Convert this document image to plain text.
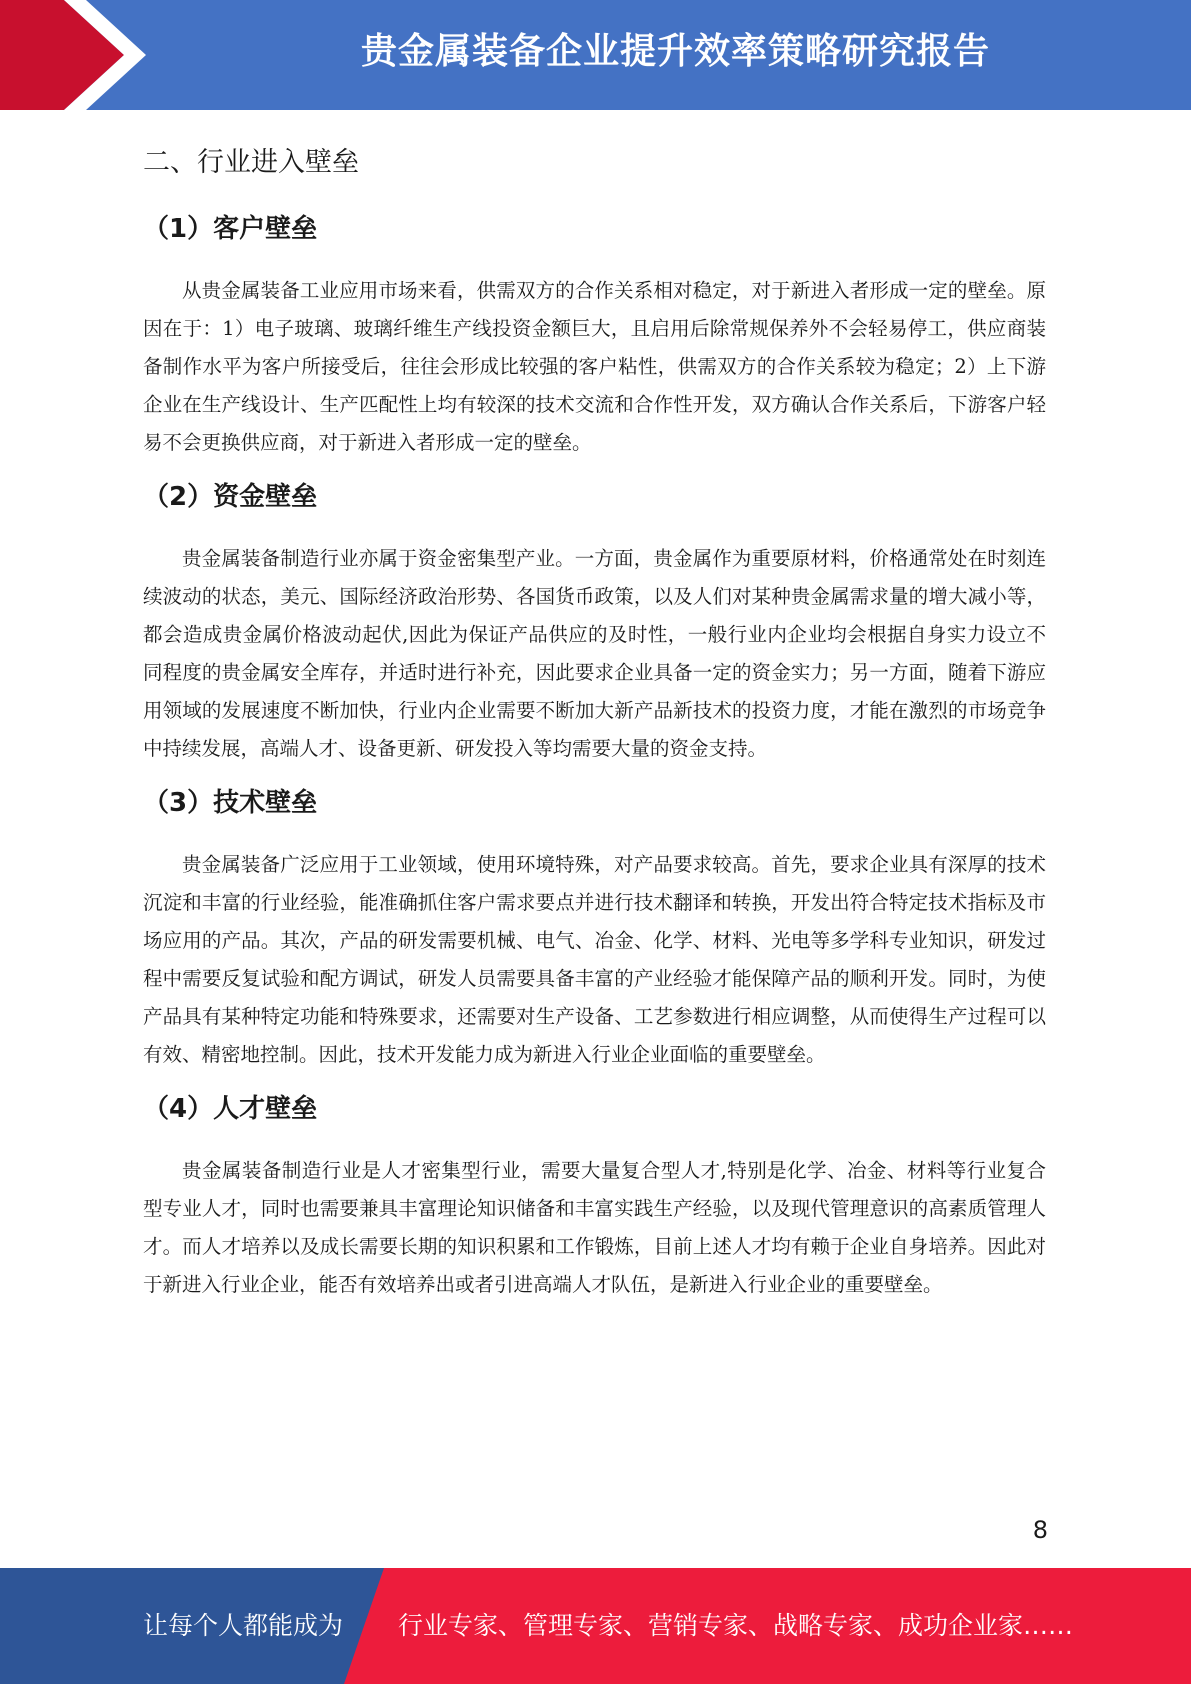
贵金属装备企业提升效率策略研究报告
二、行业进入壁垒
（1）客户壁垒

从贵金属装备工业应用市场来看，供需双方的合作关系相对稳定，对于新进入者形成一定的壁垒。原因在于：1）电子玻璃、玻璃纤维生产线投资金额巨大，且启用后除常规保养外不会轻易停工，供应商装备制作水平为客户所接受后，往往会形成比较强的客户粘性，供需双方的合作关系较为稳定；2）上下游企业在生产线设计、生产匹配性上均有较深的技术交流和合作性开发，双方确认合作关系后，下游客户轻易不会更换供应商，对于新进入者形成一定的壁垒。

（2）资金壁垒

贵金属装备制造行业亦属于资金密集型产业。一方面，贵金属作为重要原材料，价格通常处在时刻连续波动的状态，美元、国际经济政治形势、各国货币政策，以及人们对某种贵金属需求量的增大减小等，都会造成贵金属价格波动起伏,因此为保证产品供应的及时性，一般行业内企业均会根据自身实力设立不同程度的贵金属安全库存，并适时进行补充，因此要求企业具备一定的资金实力；另一方面，随着下游应用领域的发展速度不断加快，行业内企业需要不断加大新产品新技术的投资力度，才能在激烈的市场竞争中持续发展，高端人才、设备更新、研发投入等均需要大量的资金支持。

（3）技术壁垒

贵金属装备广泛应用于工业领域，使用环境特殊，对产品要求较高。首先，要求企业具有深厚的技术沉淀和丰富的行业经验，能准确抓住客户需求要点并进行技术翻译和转换，开发出符合特定技术指标及市场应用的产品。其次，产品的研发需要机械、电气、冶金、化学、材料、光电等多学科专业知识，研发过程中需要反复试验和配方调试，研发人员需要具备丰富的产业经验才能保障产品的顺利开发。同时，为使产品具有某种特定功能和特殊要求，还需要对生产设备、工艺参数进行相应调整，从而使得生产过程可以有效、精密地控制。因此，技术开发能力成为新进入行业企业面临的重要壁垒。

（4）人才壁垒

贵金属装备制造行业是人才密集型行业，需要大量复合型人才,特别是化学、冶金、材料等行业复合型专业人才，同时也需要兼具丰富理论知识储备和丰富实践生产经验，以及现代管理意识的高素质管理人才。而人才培养以及成长需要长期的知识积累和工作锻炼，目前上述人才均有赖于企业自身培养。因此对于新进入行业企业，能否有效培养出或者引进高端人才队伍，是新进入行业企业的重要壁垒。

8
让每个人都能成为 行业专家、管理专家、营销专家、战略专家、成功企业家……
